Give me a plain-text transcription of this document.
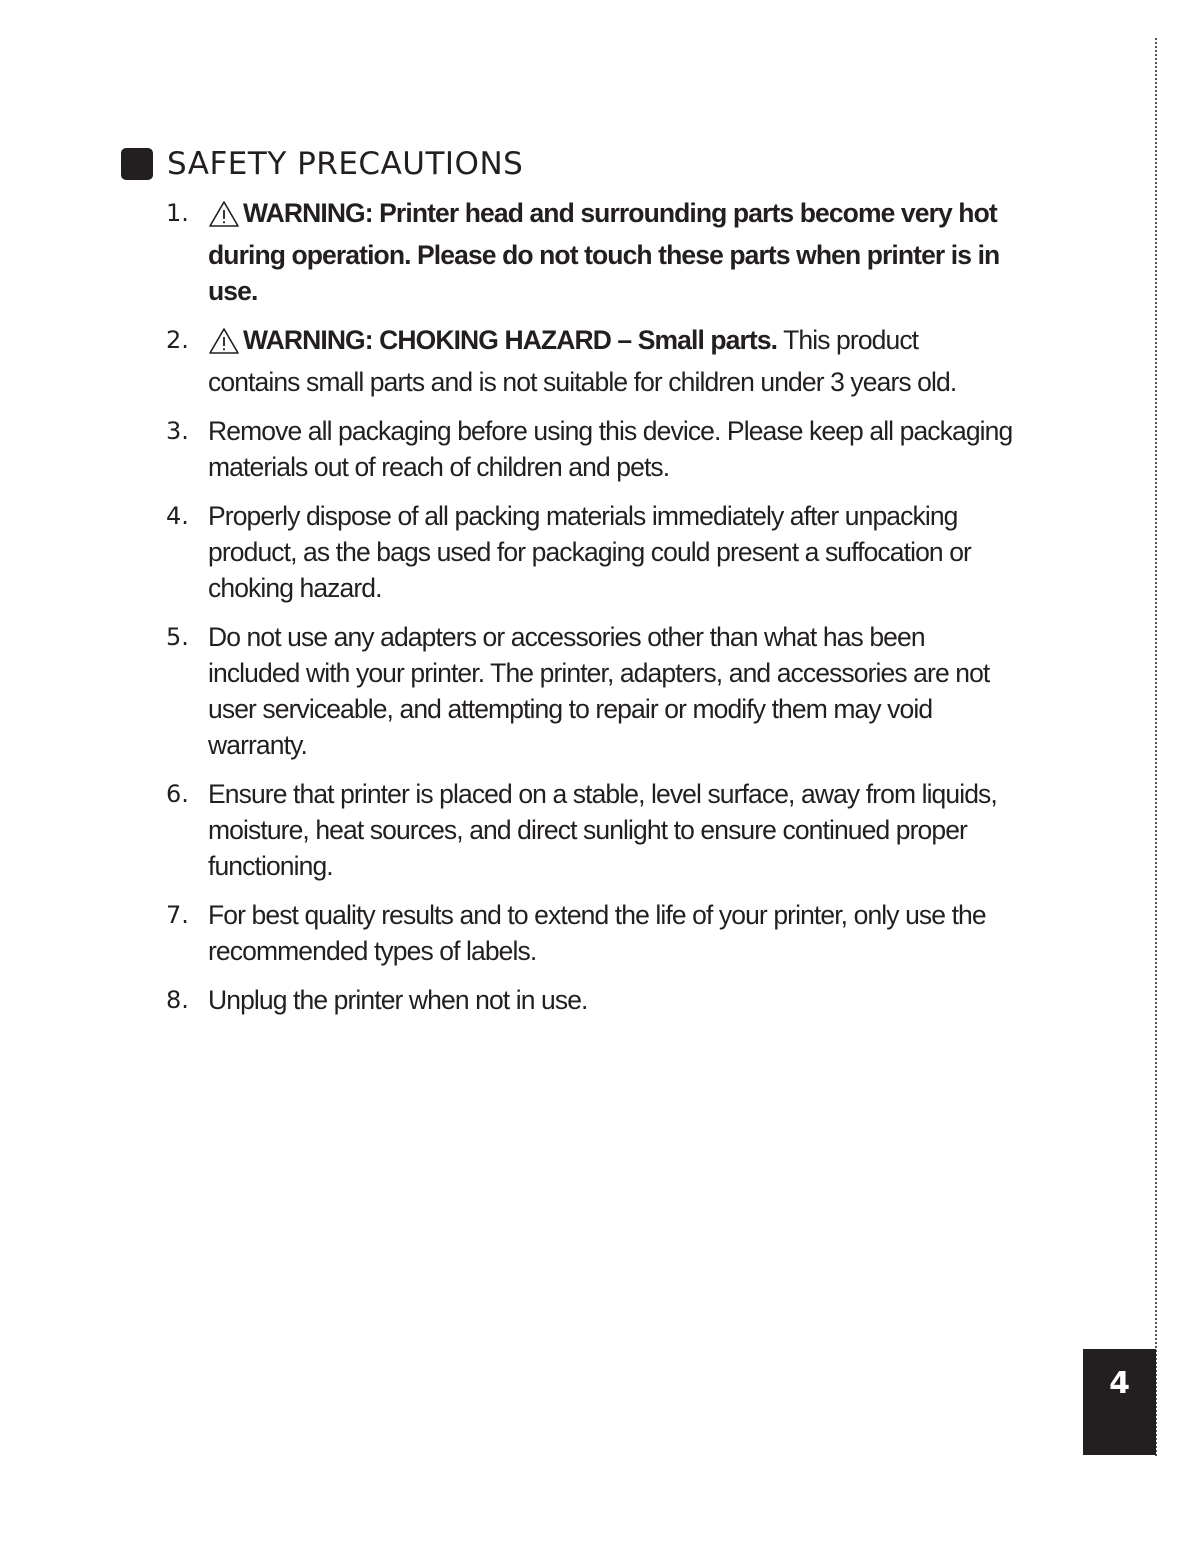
SAFETY PRECAUTIONS
1.	WARNING: Printer head and surrounding parts become very hot during operation. Please do not touch these parts when printer is in use.
2.	WARNING: CHOKING HAZARD – Small parts. This product contains small parts and is not suitable for children under 3 years old.
3. Remove all packaging before using this device. Please keep all packaging materials out of reach of children and pets.
4. Properly dispose of all packing materials immediately after unpacking product, as the bags used for packaging could present a suffocation or choking hazard.
5. Do not use any adapters or accessories other than what has been included with your printer. The printer, adapters, and accessories are not user serviceable, and attempting to repair or modify them may void warranty.
6. Ensure that printer is placed on a stable, level surface, away from liquids, moisture, heat sources, and direct sunlight to ensure continued proper functioning.
7. For best quality results and to extend the life of your printer, only use the recommended types of labels.
8. Unplug the printer when not in use.
4
